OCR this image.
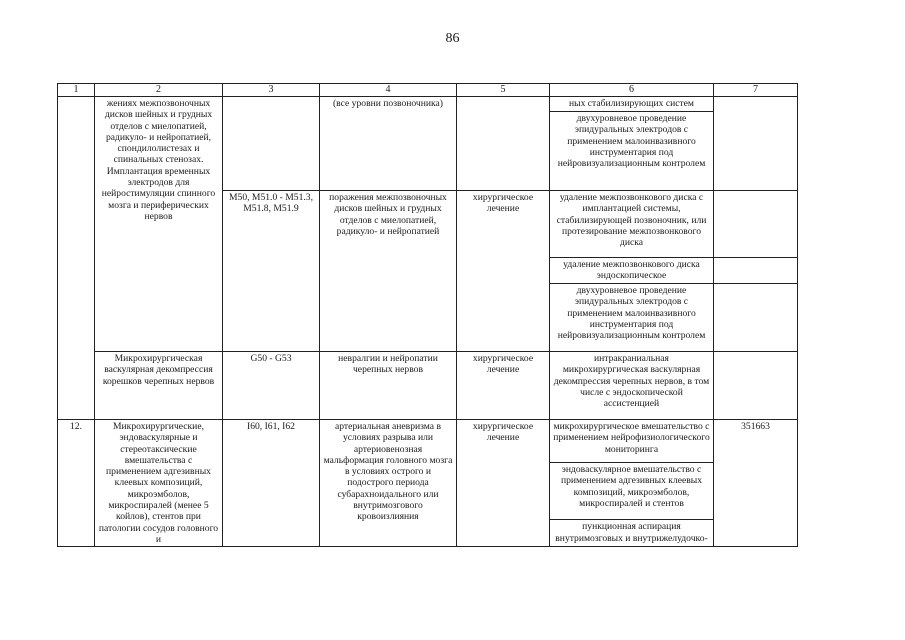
86
1	2	3	4	5	6	7
	жениях межпозвоночных дисков шейных и грудных отделов с миелопатией, радикуло- и нейропатией, спондилолистезах и спинальных стенозах. Имплантация временных электродов для нейростимуляции спинного мозга и периферических нервов		(все уровни позвоночника)		ных стабилизирующих систем	
					двухуровневое проведение эпидуральных электродов с применением малоинвазивного инструментария под нейровизуализационным контролем	
		M50, M51.0 - M51.3, M51.8, M51.9	поражения межпозвоночных дисков шейных и грудных отделов с миелопатией, радикуло- и нейропатией	хирургическое лечение	удаление межпозвонкового диска с имплантацией системы, стабилизирующей позвоночник, или протезирование межпозвонкового диска	
					удаление межпозвонкового диска эндоскопическое	
					двухуровневое проведение эпидуральных электродов с применением малоинвазивного инструментария под нейровизуализационным контролем	
	Микрохирургическая васкулярная декомпрессия корешков черепных нервов	G50 - G53	невралгии и нейропатии черепных нервов	хирургическое лечение	интракраниальная микрохирургическая васкулярная декомпрессия черепных нервов, в том числе с эндоскопической ассистенцией	
12.	Микрохирургические, эндоваскулярные и стереотаксические вмешательства с применением адгезивных клеевых композиций, микроэмболов, микроспиралей (менее 5 койлов), стентов при патологии сосудов головного и	I60, I61, I62	артериальная аневризма в условиях разрыва или артериовенозная мальформация головного мозга в условиях острого и подострого периода субарахноидального или внутримозгового кровоизлияния	хирургическое лечение	микрохирургическое вмешательство с применением нейрофизиологического мониторинга	351663
					эндоваскулярное вмешательство с применением адгезивных клеевых композиций, микроэмболов, микроспиралей и стентов	
					пункционная аспирация внутримозговых и внутрижелудочко-	
